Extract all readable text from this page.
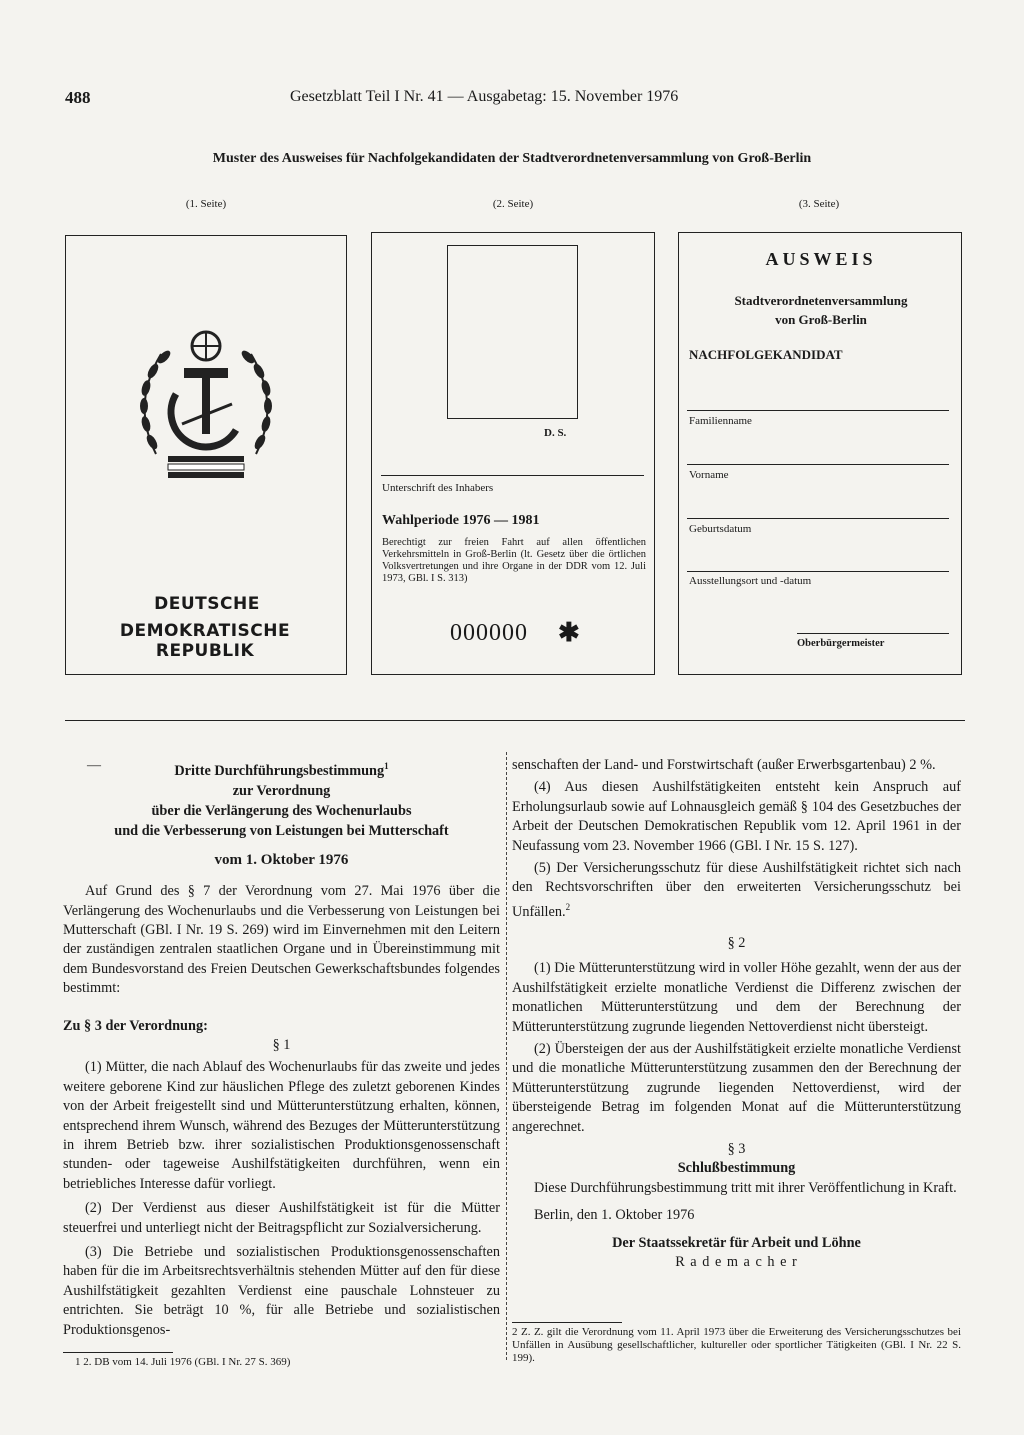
488	Gesetzblatt Teil I Nr. 41 — Ausgabetag: 15. November 1976
Muster des Ausweises für Nachfolgekandidaten der Stadtverordnetenversammlung von Groß-Berlin
(1. Seite)	(2. Seite)	(3. Seite)
DEUTSCHE
DEMOKRATISCHE REPUBLIK
D. S.
Unterschrift des Inhabers
Wahlperiode 1976 — 1981
Berechtigt zur freien Fahrt auf allen öffentlichen Verkehrsmitteln in Groß-Berlin (lt. Gesetz über die örtlichen Volksvertretungen und ihre Organe in der DDR vom 12. Juli 1973, GBl. I S. 313)
000000 ✱
AUSWEIS
Stadtverordnetenversammlung
von Groß-Berlin
NACHFOLGEKANDIDAT
Familienname
Vorname
Geburtsdatum
Ausstellungsort und -datum
Oberbürgermeister
—	Dritte Durchführungsbestimmung$^1$
zur Verordnung
über die Verlängerung des Wochenurlaubs
und die Verbesserung von Leistungen bei Mutterschaft
vom 1. Oktober 1976

Auf Grund des § 7 der Verordnung vom 27. Mai 1976 über die Verlängerung des Wochenurlaubs und die Verbesserung von Leistungen bei Mutterschaft (GBl. I Nr. 19 S. 269) wird im Einvernehmen mit den Leitern der zuständigen zentralen staatlichen Organe und in Übereinstimmung mit dem Bundesvorstand des Freien Deutschen Gewerkschaftsbundes folgendes bestimmt:

Zu § 3 der Verordnung:

§ 1

(1) Mütter, die nach Ablauf des Wochenurlaubs für das zweite und jedes weitere geborene Kind zur häuslichen Pflege des zuletzt geborenen Kindes von der Arbeit freigestellt sind und Mütterunterstützung erhalten, können, entsprechend ihrem Wunsch, während des Bezuges der Mütterunterstützung in ihrem Betrieb bzw. ihrer sozialistischen Produktionsgenossenschaft stunden- oder tageweise Aushilfstätigkeiten durchführen, wenn ein betriebliches Interesse dafür vorliegt.

(2) Der Verdienst aus dieser Aushilfstätigkeit ist für die Mütter steuerfrei und unterliegt nicht der Beitragspflicht zur Sozialversicherung.

(3) Die Betriebe und sozialistischen Produktionsgenossenschaften haben für die im Arbeitsrechtsverhältnis stehenden Mütter auf den für diese Aushilfstätigkeit gezahlten Verdienst eine pauschale Lohnsteuer zu entrichten. Sie beträgt 10 %, für alle Betriebe und sozialistischen Produktionsgenos-

1 2. DB vom 14. Juli 1976 (GBl. I Nr. 27 S. 369)

senschaften der Land- und Forstwirtschaft (außer Erwerbsgartenbau) 2 %.

(4) Aus diesen Aushilfstätigkeiten entsteht kein Anspruch auf Erholungsurlaub sowie auf Lohnausgleich gemäß § 104 des Gesetzbuches der Arbeit der Deutschen Demokratischen Republik vom 12. April 1961 in der Neufassung vom 23. November 1966 (GBl. I Nr. 15 S. 127).

(5) Der Versicherungsschutz für diese Aushilfstätigkeit richtet sich nach den Rechtsvorschriften über den erweiterten Versicherungsschutz bei Unfällen.$^2$

§ 2

(1) Die Mütterunterstützung wird in voller Höhe gezahlt, wenn der aus der Aushilfstätigkeit erzielte monatliche Verdienst die Differenz zwischen der monatlichen Mütterunterstützung und dem der Berechnung der Mütterunterstützung zugrunde liegenden Nettoverdienst nicht übersteigt.

(2) Übersteigen der aus der Aushilfstätigkeit erzielte monatliche Verdienst und die monatliche Mütterunterstützung zusammen den der Berechnung der Mütterunterstützung zugrunde liegenden Nettoverdienst, wird der übersteigende Betrag im folgenden Monat auf die Mütterunterstützung angerechnet.

§ 3

Schlußbestimmung

Diese Durchführungsbestimmung tritt mit ihrer Veröffentlichung in Kraft.

Berlin, den 1. Oktober 1976

Der Staatssekretär für Arbeit und Löhne

R a d e m a c h e r

2 Z. Z. gilt die Verordnung vom 11. April 1973 über die Erweiterung des Versicherungsschutzes bei Unfällen in Ausübung gesellschaftlicher, kultureller oder sportlicher Tätigkeiten (GBl. I Nr. 22 S. 199).
